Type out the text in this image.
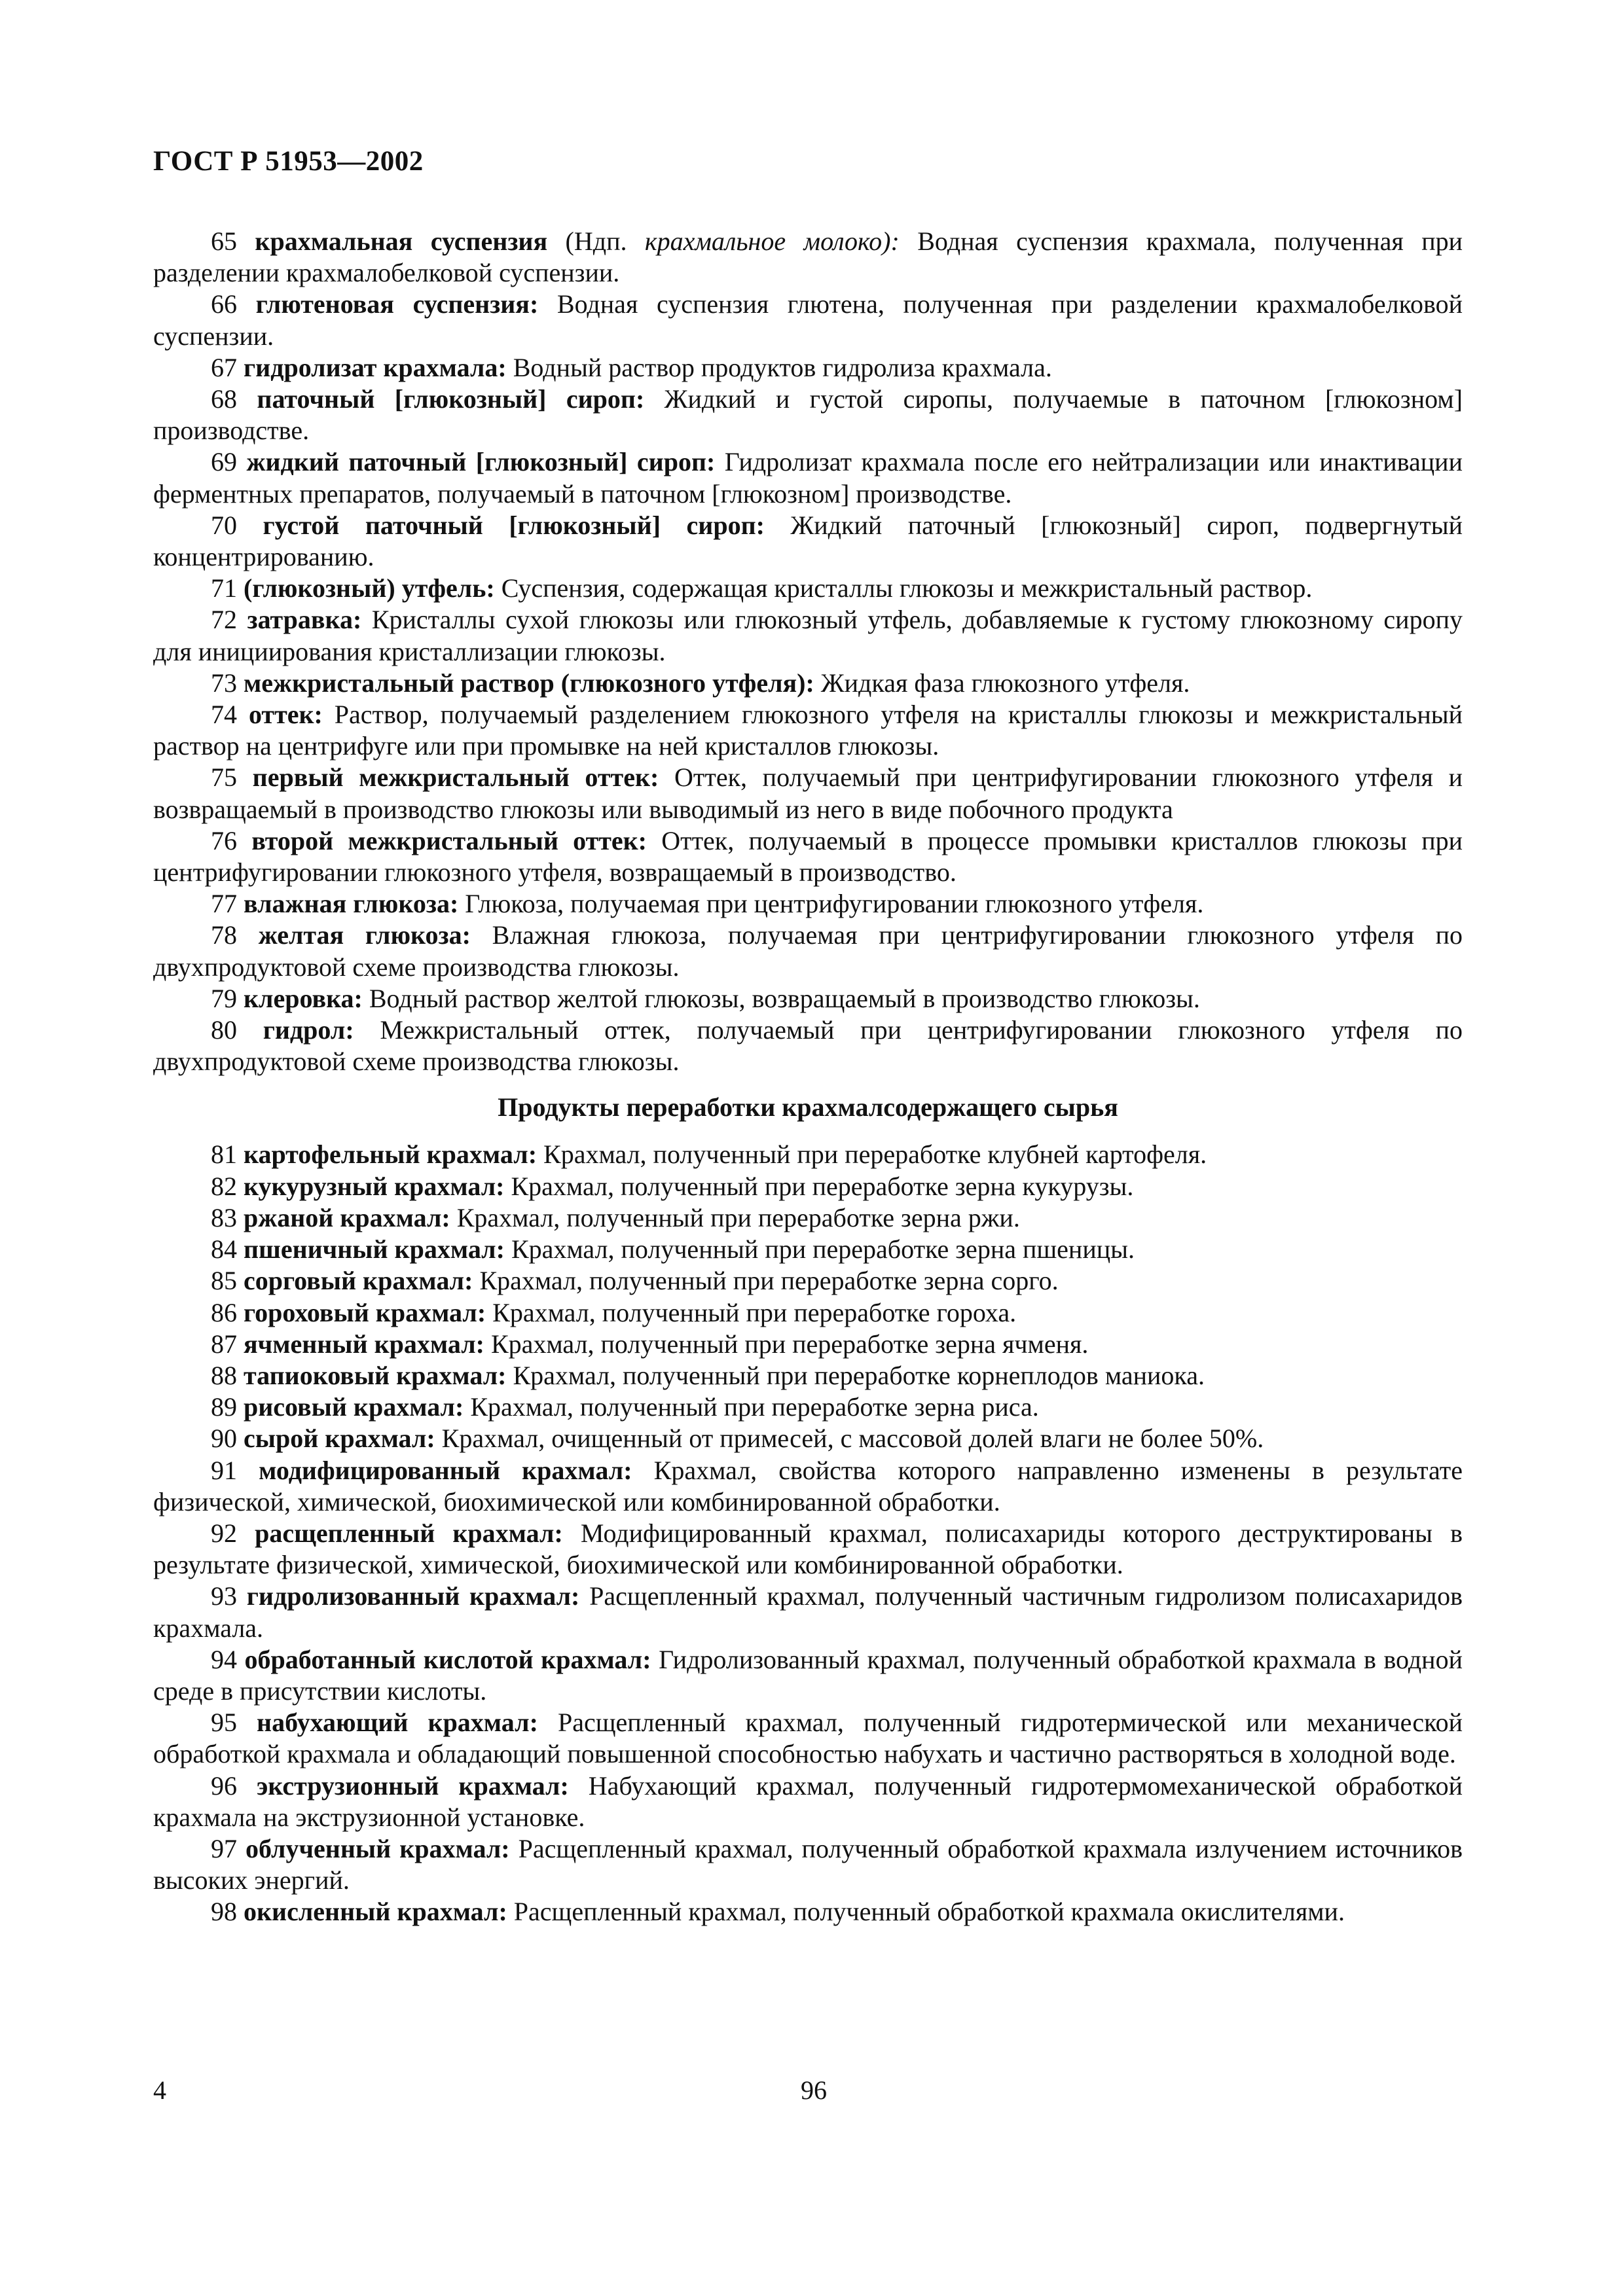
ГОСТ Р 51953—2002

65 крахмальная суспензия (Ндп. крахмальное молоко): Водная суспензия крахмала, полученная при разделении крахмалобелковой суспензии.

66 глютеновая суспензия: Водная суспензия глютена, полученная при разделении крахмалобелковой суспензии.

67 гидролизат крахмала: Водный раствор продуктов гидролиза крахмала.

68 паточный [глюкозный] сироп: Жидкий и густой сиропы, получаемые в паточном [глюкозном] производстве.

69 жидкий паточный [глюкозный] сироп: Гидролизат крахмала после его нейтрализации или инактивации ферментных препаратов, получаемый в паточном [глюкозном] производстве.

70 густой паточный [глюкозный] сироп: Жидкий паточный [глюкозный] сироп, подвергнутый концентрированию.

71 (глюкозный) утфель: Суспензия, содержащая кристаллы глюкозы и межкристальный раствор.

72 затравка: Кристаллы сухой глюкозы или глюкозный утфель, добавляемые к густому глюкозному сиропу для инициирования кристаллизации глюкозы.

73 межкристальный раствор (глюкозного утфеля): Жидкая фаза глюкозного утфеля.

74 оттек: Раствор, получаемый разделением глюкозного утфеля на кристаллы глюкозы и межкристальный раствор на центрифуге или при промывке на ней кристаллов глюкозы.

75 первый межкристальный оттек: Оттек, получаемый при центрифугировании глюкозного утфеля и возвращаемый в производство глюкозы или выводимый из него в виде побочного продукта

76 второй межкристальный оттек: Оттек, получаемый в процессе промывки кристаллов глюкозы при центрифугировании глюкозного утфеля, возвращаемый в производство.

77 влажная глюкоза: Глюкоза, получаемая при центрифугировании глюкозного утфеля.

78 желтая глюкоза: Влажная глюкоза, получаемая при центрифугировании глюкозного утфеля по двухпродуктовой схеме производства глюкозы.

79 клеровка: Водный раствор желтой глюкозы, возвращаемый в производство глюкозы.

80 гидрол: Межкристальный оттек, получаемый при центрифугировании глюкозного утфеля по двухпродуктовой схеме производства глюкозы.

Продукты переработки крахмалсодержащего сырья

81 картофельный крахмал: Крахмал, полученный при переработке клубней картофеля.

82 кукурузный крахмал: Крахмал, полученный при переработке зерна кукурузы.

83 ржаной крахмал: Крахмал, полученный при переработке зерна ржи.

84 пшеничный крахмал: Крахмал, полученный при переработке зерна пшеницы.

85 сорговый крахмал: Крахмал, полученный при переработке зерна сорго.

86 гороховый крахмал: Крахмал, полученный при переработке гороха.

87 ячменный крахмал: Крахмал, полученный при переработке зерна ячменя.

88 тапиоковый крахмал: Крахмал, полученный при переработке корнеплодов маниока.

89 рисовый крахмал: Крахмал, полученный при переработке зерна риса.

90 сырой крахмал: Крахмал, очищенный от примесей, с массовой долей влаги не более 50%.

91 модифицированный крахмал: Крахмал, свойства которого направленно изменены в результате физической, химической, биохимической или комбинированной обработки.

92 расщепленный крахмал: Модифицированный крахмал, полисахариды которого деструктированы в результате физической, химической, биохимической или комбинированной обработки.

93 гидролизованный крахмал: Расщепленный крахмал, полученный частичным гидролизом полисахаридов крахмала.

94 обработанный кислотой крахмал: Гидролизованный крахмал, полученный обработкой крахмала в водной среде в присутствии кислоты.

95 набухающий крахмал: Расщепленный крахмал, полученный гидротермической или механической обработкой крахмала и обладающий повышенной способностью набухать и частично растворяться в холодной воде.

96 экструзионный крахмал: Набухающий крахмал, полученный гидротермомеханической обработкой крахмала на экструзионной установке.

97 облученный крахмал: Расщепленный крахмал, полученный обработкой крахмала излучением источников высоких энергий.

98 окисленный крахмал: Расщепленный крахмал, полученный обработкой крахмала окислителями.

4	96
